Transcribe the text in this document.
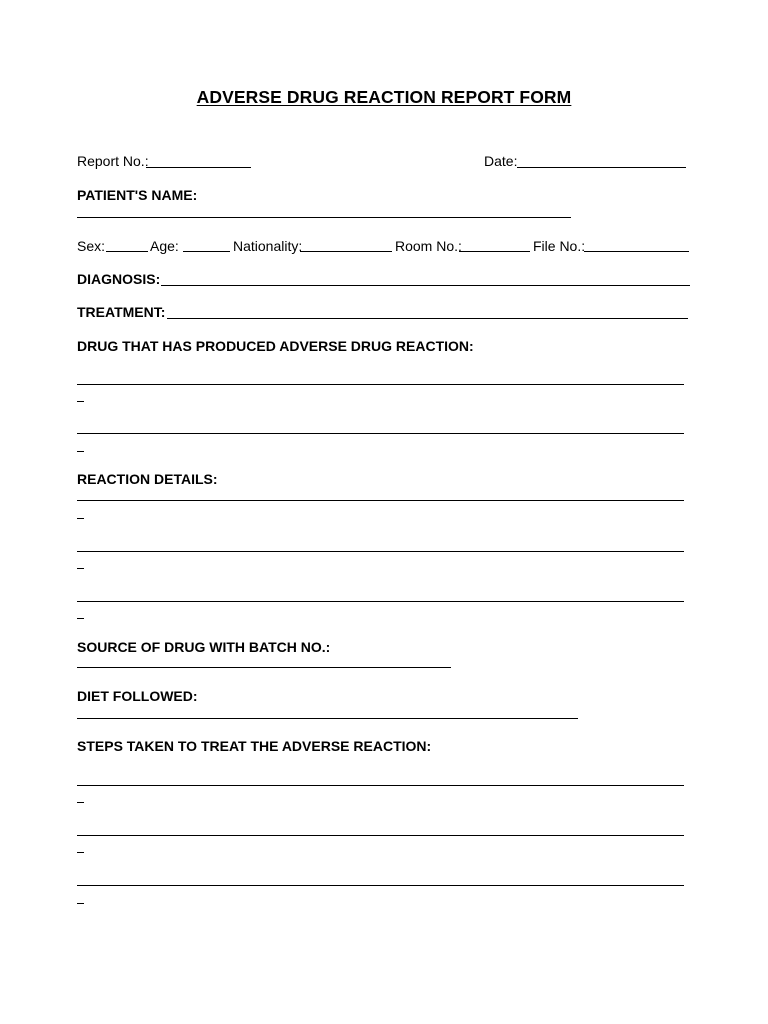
ADVERSE DRUG REACTION REPORT FORM
Report No.:	Date:
PATIENT'S NAME:
Sex:	Age:	Nationality:	Room No.:	File No.:
DIAGNOSIS:
TREATMENT:
DRUG THAT HAS PRODUCED ADVERSE DRUG REACTION:
REACTION DETAILS:
SOURCE OF DRUG WITH BATCH NO.:
DIET FOLLOWED:
STEPS TAKEN TO TREAT THE ADVERSE REACTION:
